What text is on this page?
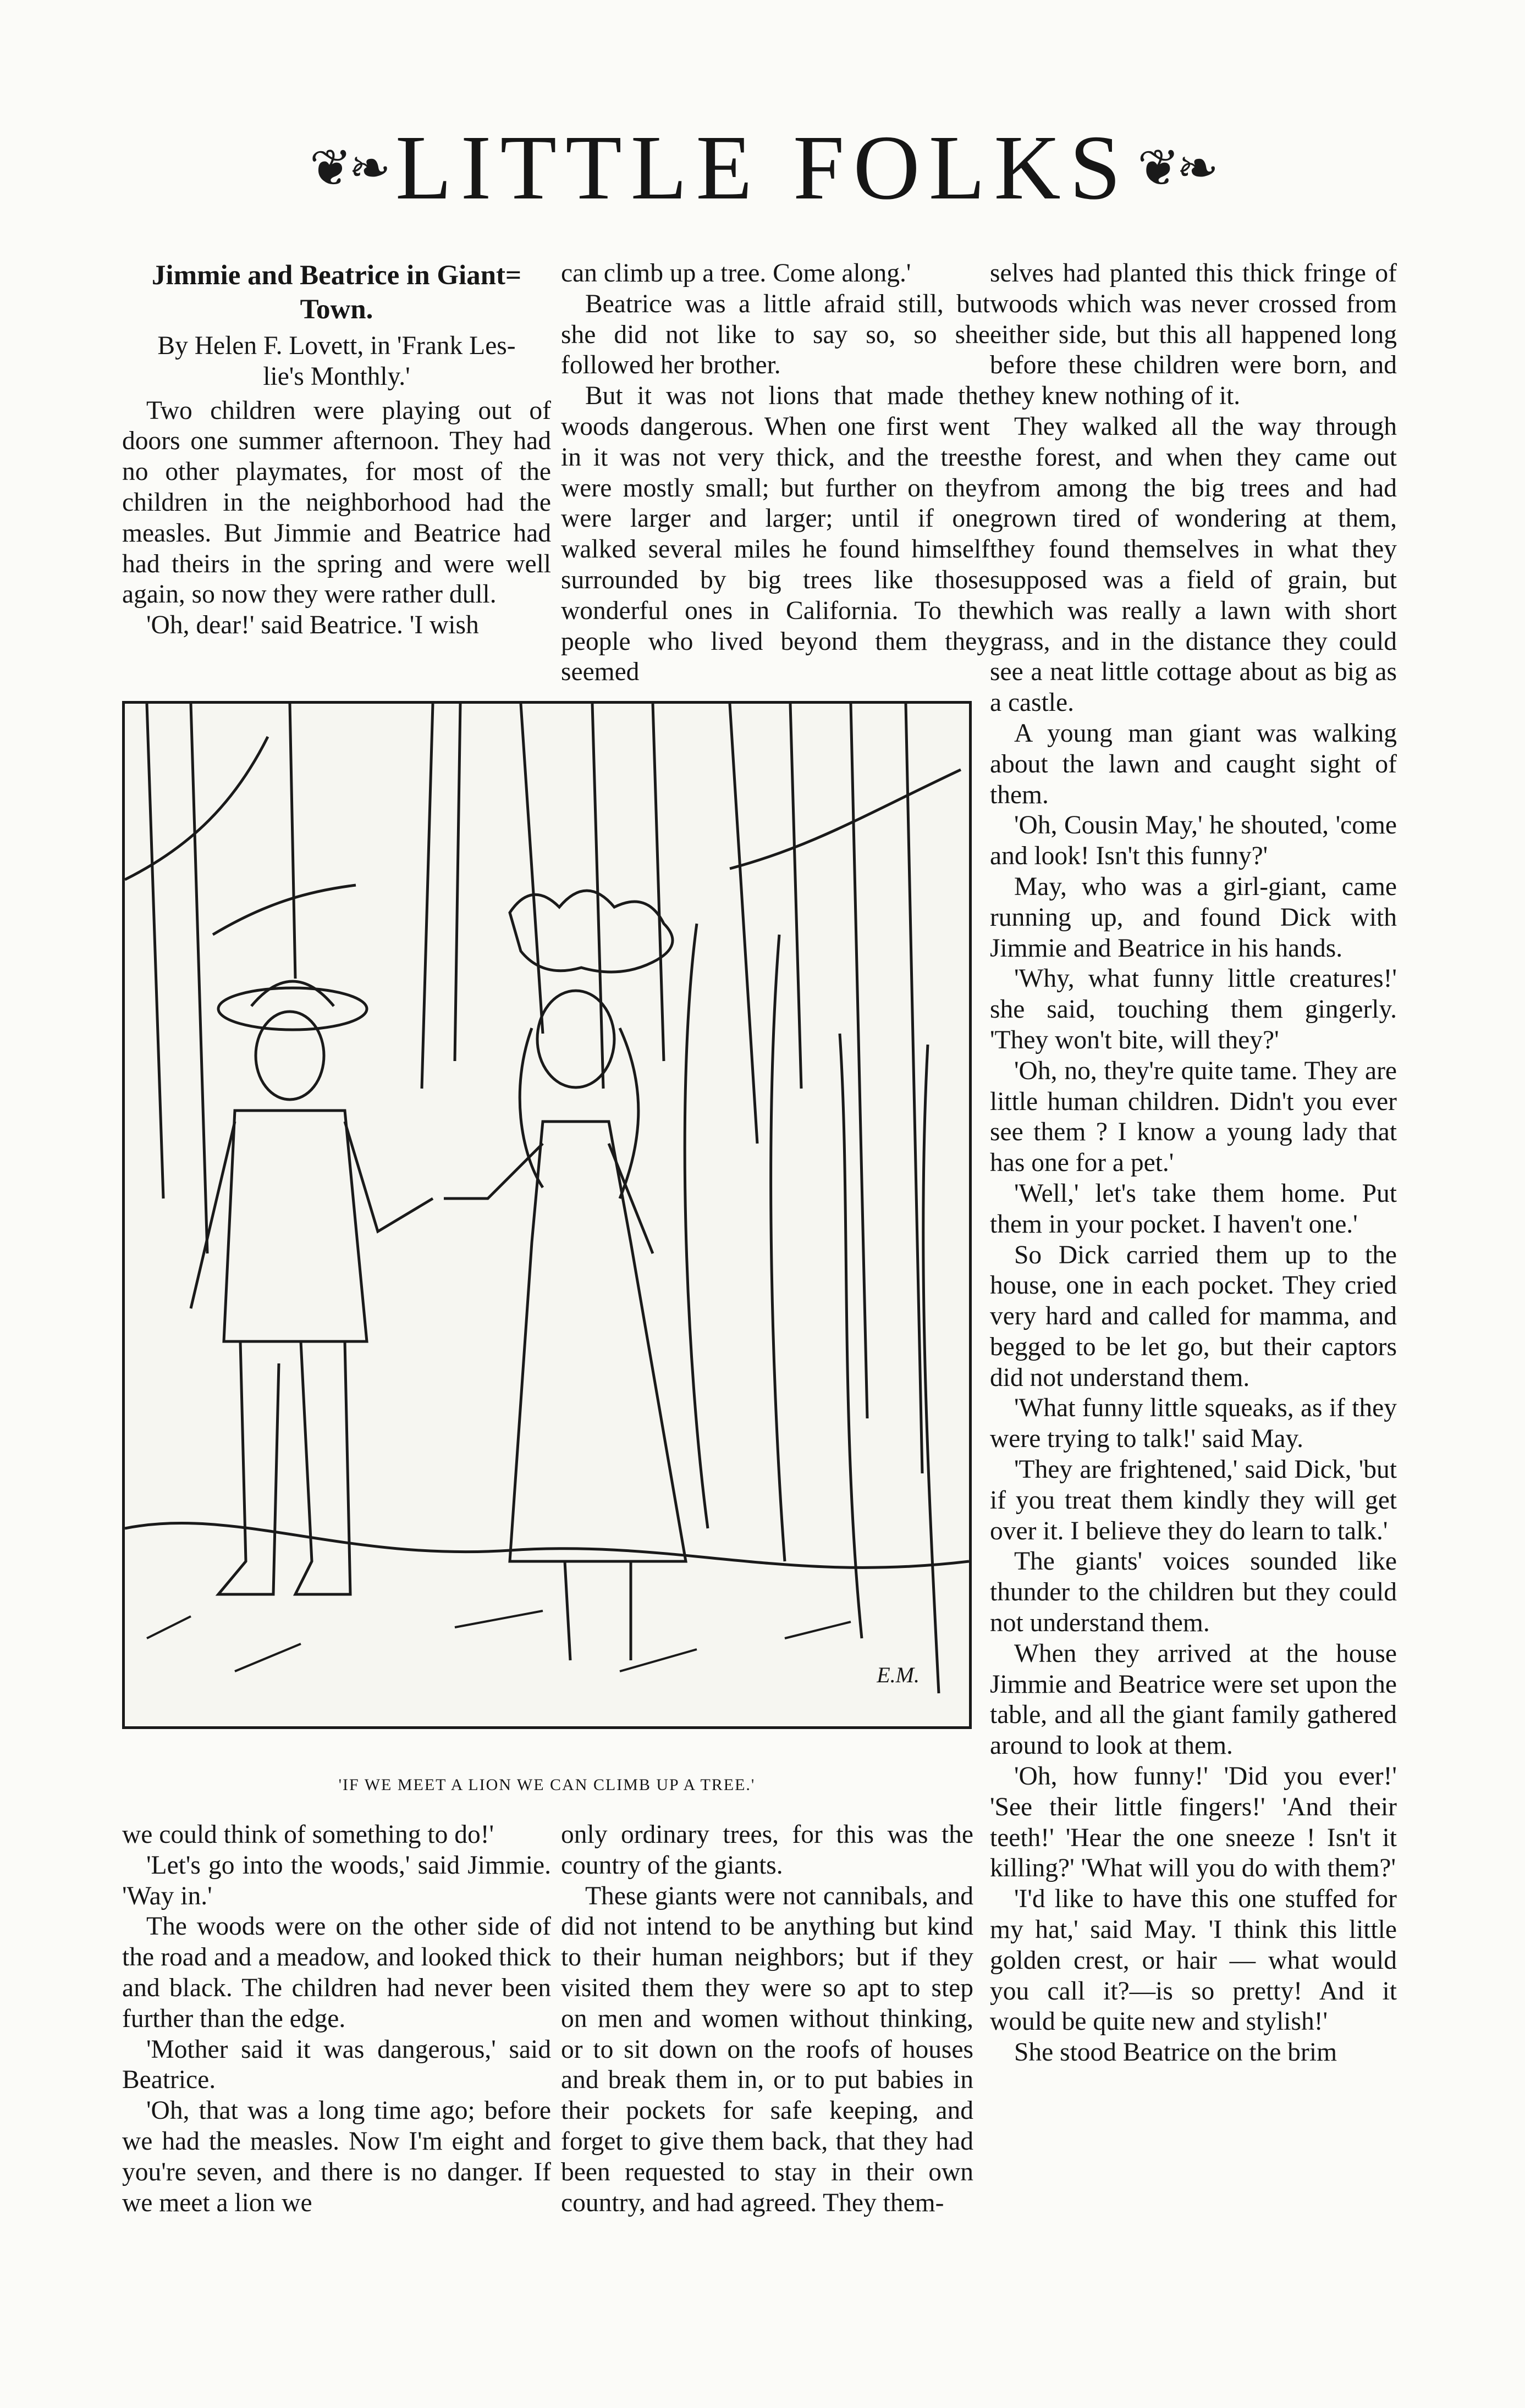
❦❧ LITTLE FOLKS ❦❧
Jimmie and Beatrice in Giant=
Town.
By Helen F. Lovett, in 'Frank Les-
lie's Monthly.'

Two children were playing out of doors one summer afternoon. They had no other playmates, for most of the children in the neighborhood had the measles. But Jimmie and Beatrice had had theirs in the spring and were well again, so now they were rather dull.

'Oh, dear!' said Beatrice. 'I wish

can climb up a tree. Come along.'

Beatrice was a little afraid still, but she did not like to say so, so she followed her brother.

But it was not lions that made the woods dangerous. When one first went in it was not very thick, and the trees were mostly small; but further on they were larger and larger; until if one walked several miles he found himself surrounded by big trees like those wonderful ones in California. To the people who lived beyond them they seemed

selves had planted this thick fringe of woods which was never crossed from either side, but this all happened long before these children were born, and they knew nothing of it.

They walked all the way through the forest, and when they came out from among the big trees and had grown tired of wondering at them, they found themselves in what they supposed was a field of grain, but which was really a lawn with short grass, and in the distance they could see a neat little cottage about as big as a castle.

A young man giant was walking about the lawn and caught sight of them.

'Oh, Cousin May,' he shouted, 'come and look! Isn't this funny?'

May, who was a girl-giant, came running up, and found Dick with Jimmie and Beatrice in his hands.

'Why, what funny little creatures!' she said, touching them gingerly. 'They won't bite, will they?'

'Oh, no, they're quite tame. They are little human children. Didn't you ever see them ? I know a young lady that has one for a pet.'

'Well,' let's take them home. Put them in your pocket. I haven't one.'

So Dick carried them up to the house, one in each pocket. They cried very hard and called for mamma, and begged to be let go, but their captors did not understand them.

'What funny little squeaks, as if they were trying to talk!' said May.

'They are frightened,' said Dick, 'but if you treat them kindly they will get over it. I believe they do learn to talk.'

The giants' voices sounded like thunder to the children but they could not understand them.

When they arrived at the house Jimmie and Beatrice were set upon the table, and all the giant family gathered around to look at them.

'Oh, how funny!' 'Did you ever!' 'See their little fingers!' 'And their teeth!' 'Hear the one sneeze ! Isn't it killing?' 'What will you do with them?'

'I'd like to have this one stuffed for my hat,' said May. 'I think this little golden crest, or hair — what would you call it?—is so pretty! And it would be quite new and stylish!'

She stood Beatrice on the brim

E.M.
'IF WE MEET A LION WE CAN CLIMB UP A TREE.'

we could think of something to do!'

'Let's go into the woods,' said Jimmie. 'Way in.'

The woods were on the other side of the road and a meadow, and looked thick and black. The children had never been further than the edge.

'Mother said it was dangerous,' said Beatrice.

'Oh, that was a long time ago; before we had the measles. Now I'm eight and you're seven, and there is no danger. If we meet a lion we

only ordinary trees, for this was the country of the giants.

These giants were not cannibals, and did not intend to be anything but kind to their human neighbors; but if they visited them they were so apt to step on men and women without thinking, or to sit down on the roofs of houses and break them in, or to put babies in their pockets for safe keeping, and forget to give them back, that they had been requested to stay in their own country, and had agreed. They them-
